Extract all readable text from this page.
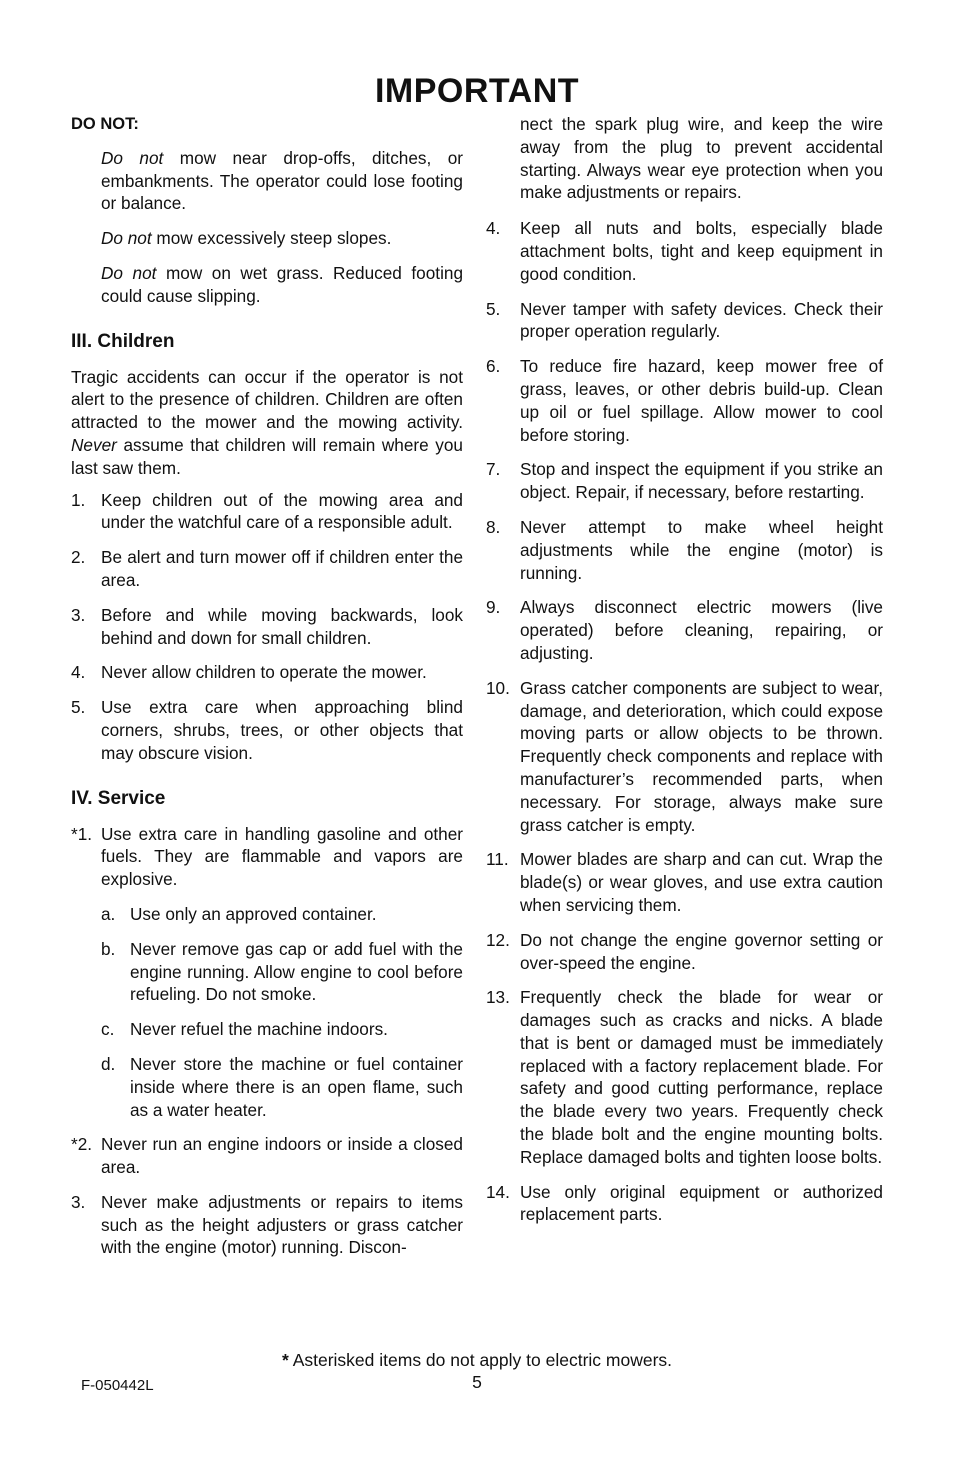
IMPORTANT
DO NOT:

Do not mow near drop-offs, ditches, or embankments. The operator could lose footing or balance.

Do not mow excessively steep slopes.

Do not mow on wet grass. Reduced footing could cause slipping.

III. Children

Tragic accidents can occur if the operator is not alert to the presence of children. Children are often attracted to the mower and the mowing activity. Never assume that children will remain where you last saw them.

1. Keep children out of the mowing area and under the watchful care of a responsible adult.
2. Be alert and turn mower off if children enter the area.
3. Before and while moving backwards, look behind and down for small children.
4. Never allow children to operate the mower.
5. Use extra care when approaching blind corners, shrubs, trees, or other objects that may obscure vision.
IV. Service
*1. Use extra care in handling gasoline and other fuels. They are flammable and vapors are explosive.
a. Use only an approved container.
b. Never remove gas cap or add fuel with the engine running. Allow engine to cool before refueling. Do not smoke.
c. Never refuel the machine indoors.
d. Never store the machine or fuel container inside where there is an open flame, such as a water heater.
*2. Never run an engine indoors or inside a closed area.
3. Never make adjustments or repairs to items such as the height adjusters or grass catcher with the engine (motor) running. Discon-

nect the spark plug wire, and keep the wire away from the plug to prevent accidental starting. Always wear eye protection when you make adjustments or repairs.

4.	Keep all nuts and bolts, especially blade attachment bolts, tight and keep equipment in good condition.
5.	Never tamper with safety devices. Check their proper operation regularly.
6.	To reduce fire hazard, keep mower free of grass, leaves, or other debris build-up. Clean up oil or fuel spillage. Allow mower to cool before storing.
7.	Stop and inspect the equipment if you strike an object. Repair, if necessary, before restarting.
8.	Never attempt to make wheel height adjustments while the engine (motor) is running.
9.	Always disconnect electric mowers (live operated) before cleaning, repairing, or adjusting.
10. Grass catcher components are subject to wear, damage, and deterioration, which could expose moving parts or allow objects to be thrown. Frequently check components and replace with manufacturer’s recommended parts, when necessary. For storage, always make sure grass catcher is empty.
11. Mower blades are sharp and can cut. Wrap the blade(s) or wear gloves, and use extra caution when servicing them.
12. Do not change the engine governor setting or over-speed the engine.
13. Frequently check the blade for wear or damages such as cracks and nicks. A blade that is bent or damaged must be immediately replaced with a factory replacement blade. For safety and good cutting performance, replace the blade every two years. Frequently check the blade bolt and the engine mounting bolts. Replace damaged bolts and tighten loose bolts.
14. Use only original equipment or authorized replacement parts.
* Asterisked items do not apply to electric mowers.
F-050442L	5
